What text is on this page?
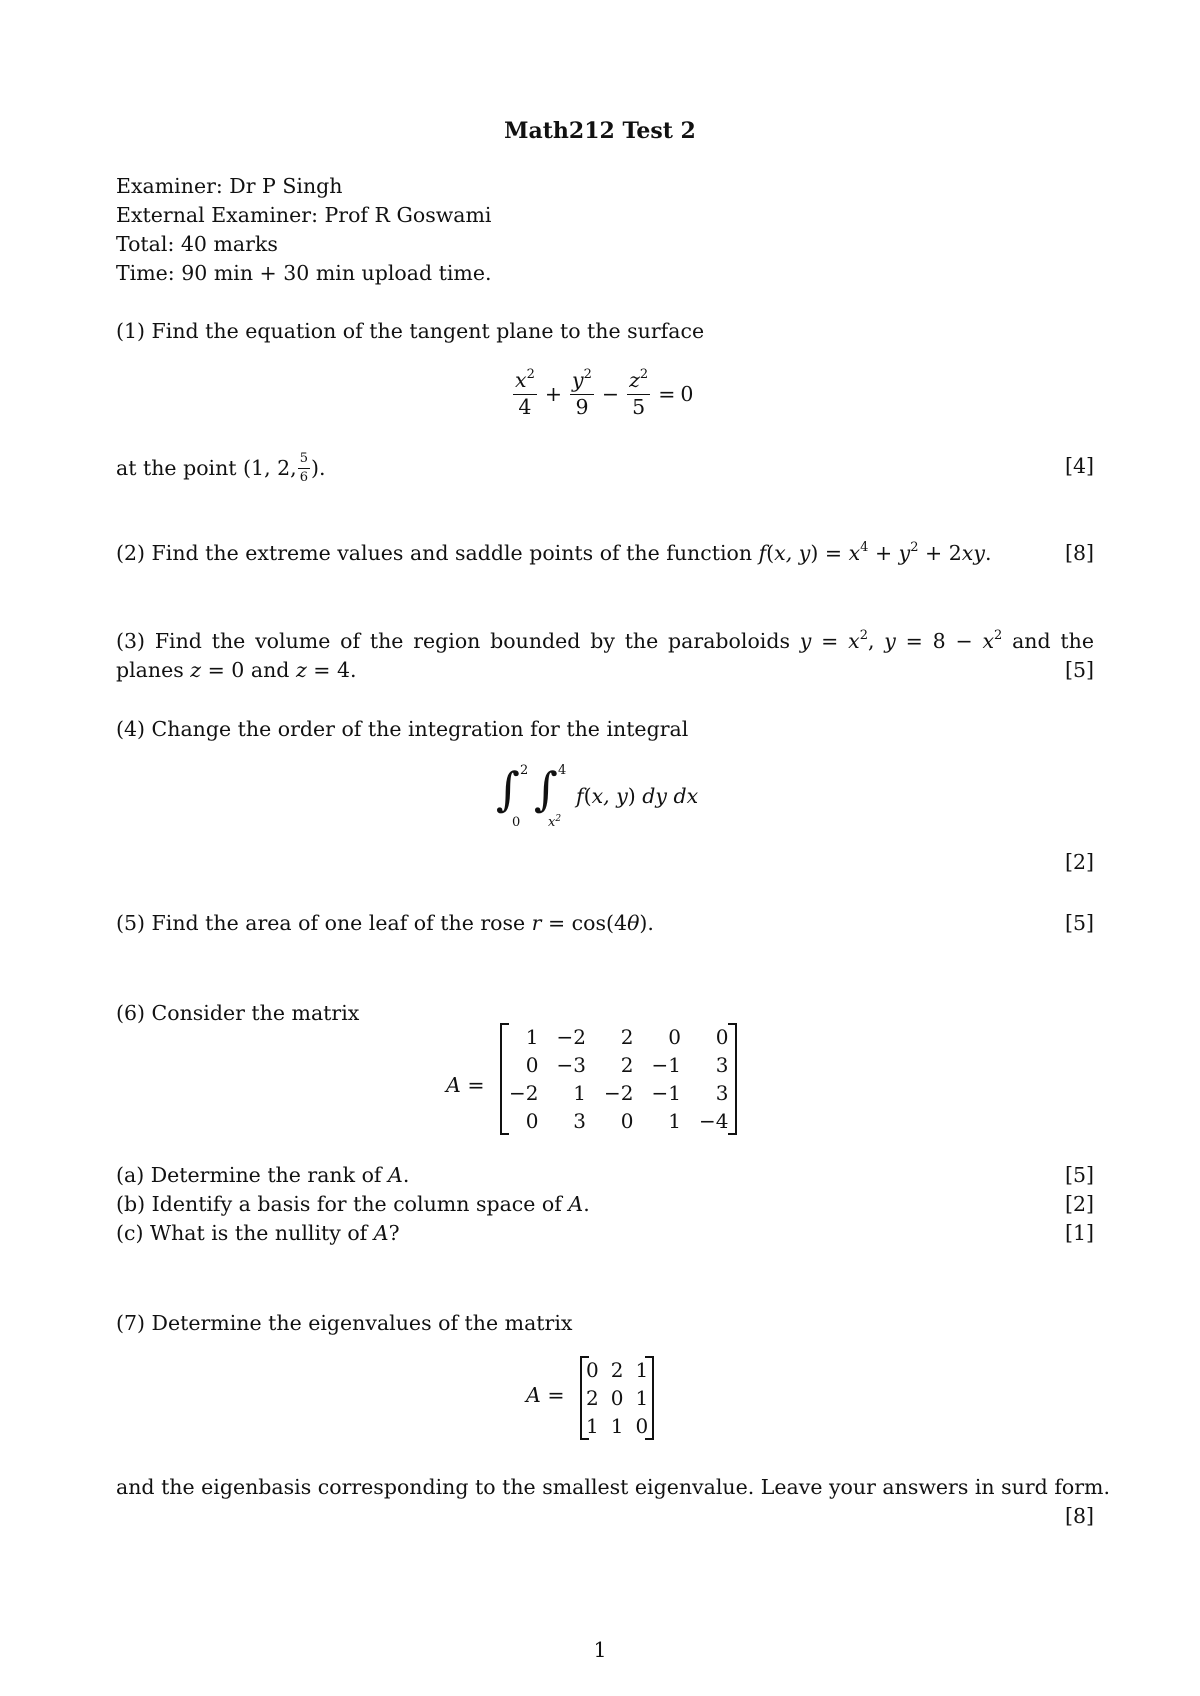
Math212 Test 2
Examiner: Dr P Singh
External Examiner: Prof R Goswami
Total: 40 marks
Time: 90 min + 30 min upload time.
(1) Find the equation of the tangent plane to the surface
$\frac{x^2}{4} + \frac{y^2}{9} - \frac{z^2}{5} = 0$
at the point (1, 2, $\frac{5}{6}$ ).	[4]
(2) Find the extreme values and saddle points of the function f(x, $y) = x^4 + y^2 + 2xy$.	[8]
(3) Find the volume of the region bounded by the paraboloids $y = x^2$, $y = 8 - x^2$ and the
planes z = 0 and z = 4.	[5]
(4) Change the order of the integration for the integral
∫ 2
0
∫ 4
$x^2$
f(x, y) dy dx
[2]
(5) Find the area of one leaf of the rose r = cos(4θ).	[5]
(6) Consider the matrix
A =
1	−2	2	0	0
0	−3	2	−1	3
−2	1	−2	−1	3
0	3	0	1	−4
(a) Determine the rank of A.	[5]
(b) Identify a basis for the column space of A.	[2]
(c) What is the nullity of A?	[1]
(7) Determine the eigenvalues of the matrix
A =
0	2	1
2	0	1
1	1	0
and the eigenbasis corresponding to the smallest eigenvalue. Leave your answers in surd form.
[8]
1
